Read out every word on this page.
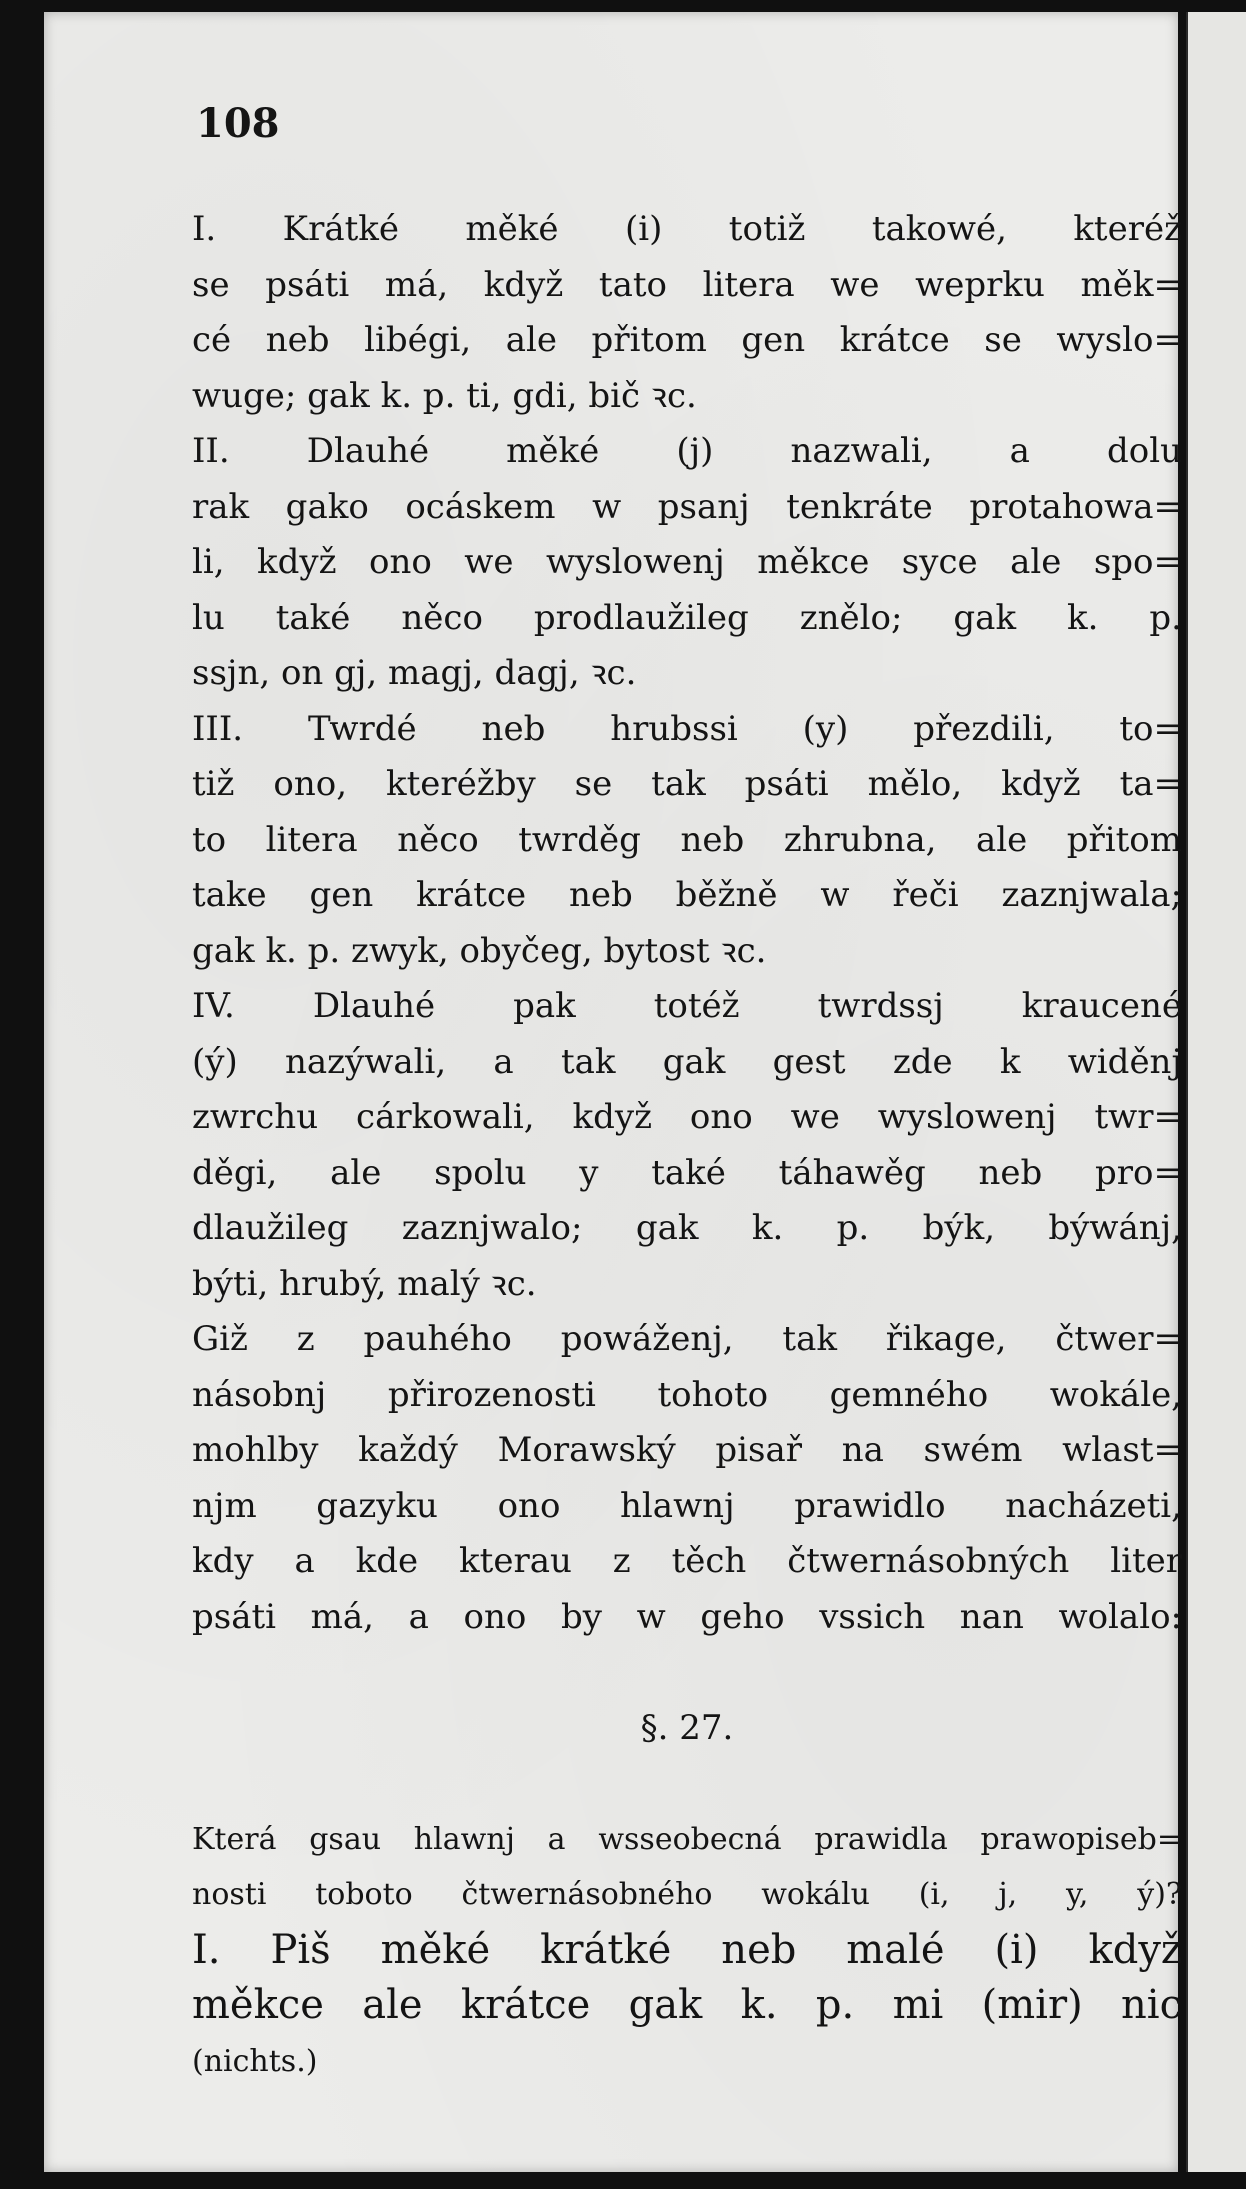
108
I. Krátké měké (i) totiž takowé, kteréž
se psáti má, když tato litera we weprku měk=
cé neb libégi, ale přitom gen krátce se wyslo=
wuge; gak k. p. ti, gdi, bič ꝛc.
II. Dlauhé měké (j) nazwali, a dolu
rak gako ocáskem w psanj tenkráte protahowa=
li, když ono we wyslowenj měkce syce ale spo=
lu také něco prodlaužileg znělo; gak k. p.
ssjn, on gj, magj, dagj, ꝛc.
III. Twrdé neb hrubssi (y) přezdili, to=
tiž ono, kteréžby se tak psáti mělo, když ta=
to litera něco twrděg neb zhrubna, ale přitom
take gen krátce neb běžně w řeči zaznjwala;
gak k. p. zwyk, obyčeg, bytost ꝛc.
IV. Dlauhé pak totéž twrdssj kraucené
(ý) nazýwali, a tak gak gest zde k widěnj
zwrchu cárkowali, když ono we wyslowenj twr=
děgi, ale spolu y také táhawěg neb pro=
dlaužileg zaznjwalo; gak k. p. býk, býwánj,
býti, hrubý, malý ꝛc.
Giž z pauhého powáženj, tak řikage, čtwer=
násobnj přirozenosti tohoto gemného wokále,
mohlby každý Morawský pisař na swém wlast=
njm gazyku ono hlawnj prawidlo nacházeti,
kdy a kde kterau z těch čtwernásobných liter
psáti má, a ono by w geho vssich nan wolalo:
§. 27.
Která gsau hlawnj a wsseobecná prawidla prawopiseb=
nosti toboto čtwernásobného wokálu (i, j, y, ý)?
I. Piš měké krátké neb malé (i) když
měkce ale krátce gak k. p. mi (mir) nic
(nichts.)
